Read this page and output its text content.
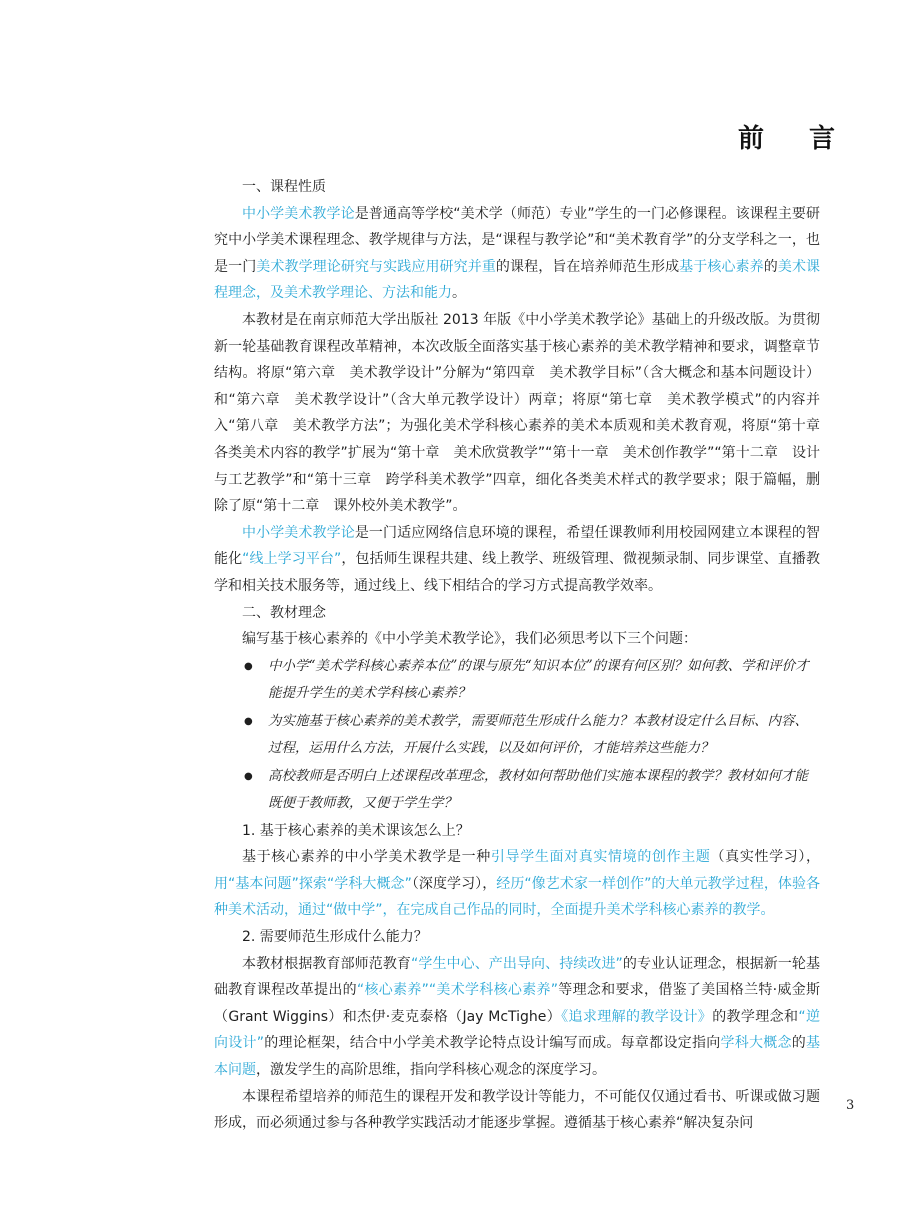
前 言
一、课程性质

中小学美术教学论是普通高等学校“美术学（师范）专业”学生的一门必修课程。该课程主要研究中小学美术课程理念、教学规律与方法，是“课程与教学论”和“美术教育学”的分支学科之一，也是一门美术教学理论研究与实践应用研究并重的课程，旨在培养师范生形成基于核心素养的美术课程理念，及美术教学理论、方法和能力。

本教材是在南京师范大学出版社 2013 年版《中小学美术教学论》基础上的升级改版。为贯彻新一轮基础教育课程改革精神，本次改版全面落实基于核心素养的美术教学精神和要求，调整章节结构。将原“第六章　美术教学设计”分解为“第四章　美术教学目标”（含大概念和基本问题设计）和“第六章　美术教学设计”（含大单元教学设计）两章；将原“第七章　美术教学模式”的内容并入“第八章　美术教学方法”；为强化美术学科核心素养的美术本质观和美术教育观，将原“第十章　各类美术内容的教学”扩展为“第十章　美术欣赏教学”“第十一章　美术创作教学”“第十二章　设计与工艺教学”和“第十三章　跨学科美术教学”四章，细化各类美术样式的教学要求；限于篇幅，删除了原“第十二章　课外校外美术教学”。

中小学美术教学论是一门适应网络信息环境的课程，希望任课教师利用校园网建立本课程的智能化“线上学习平台”，包括师生课程共建、线上教学、班级管理、微视频录制、同步课堂、直播教学和相关技术服务等，通过线上、线下相结合的学习方式提高教学效率。

二、教材理念

编写基于核心素养的《中小学美术教学论》，我们必须思考以下三个问题：

● 中小学“美术学科核心素养本位”的课与原先“知识本位”的课有何区别？如何教、学和评价才能提升学生的美术学科核心素养？
● 为实施基于核心素养的美术教学，需要师范生形成什么能力？本教材设定什么目标、内容、过程，运用什么方法，开展什么实践，以及如何评价，才能培养这些能力？
● 高校教师是否明白上述课程改革理念，教材如何帮助他们实施本课程的教学？教材如何才能既便于教师教，又便于学生学？
1. 基于核心素养的美术课该怎么上？

基于核心素养的中小学美术教学是一种引导学生面对真实情境的创作主题（真实性学习），用“基本问题”探索“学科大概念”（深度学习），经历“像艺术家一样创作”的大单元教学过程，体验各种美术活动，通过“做中学”，在完成自己作品的同时，全面提升美术学科核心素养的教学。

2. 需要师范生形成什么能力？

本教材根据教育部师范教育“学生中心、产出导向、持续改进”的专业认证理念，根据新一轮基础教育课程改革提出的“核心素养”“美术学科核心素养”等理念和要求，借鉴了美国格兰特·威金斯（Grant Wiggins）和杰伊·麦克泰格（Jay McTighe）《追求理解的教学设计》的教学理念和“逆向设计”的理论框架，结合中小学美术教学论特点设计编写而成。每章都设定指向学科大概念的基本问题，激发学生的高阶思维，指向学科核心观念的深度学习。

本课程希望培养的师范生的课程开发和教学设计等能力，不可能仅仅通过看书、听课或做习题形成，而必须通过参与各种教学实践活动才能逐步掌握。遵循基于核心素养“解决复杂问

3
